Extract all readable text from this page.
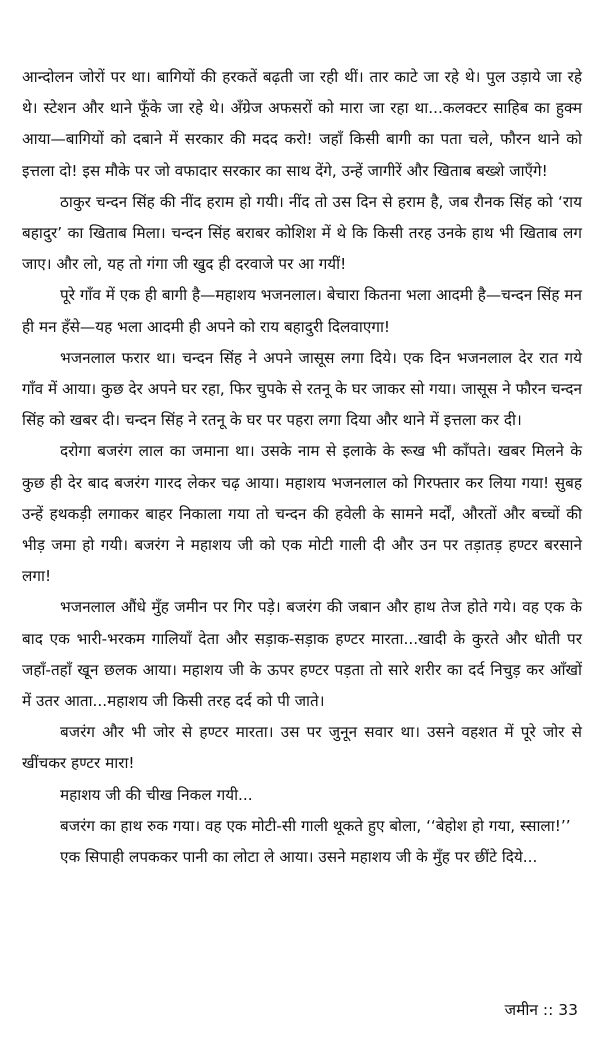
आन्दोलन जोरों पर था। बागियों की हरकतें बढ़ती जा रही थीं। तार काटे जा रहे थे। पुल उड़ाये जा रहे थे। स्टेशन और थाने फूँके जा रहे थे। अँग्रेज अफसरों को मारा जा रहा था...कलक्टर साहिब का हुक्म आया—बागियों को दबाने में सरकार की मदद करो! जहाँ किसी बागी का पता चले, फौरन थाने को इत्तला दो! इस मौके पर जो वफादार सरकार का साथ देंगे, उन्हें जागीरें और खिताब बख्शे जाएँगे!

ठाकुर चन्दन सिंह की नींद हराम हो गयी। नींद तो उस दिन से हराम है, जब रौनक सिंह को ‘राय बहादुर’ का खिताब मिला। चन्दन सिंह बराबर कोशिश में थे कि किसी तरह उनके हाथ भी खिताब लग जाए। और लो, यह तो गंगा जी खुद ही दरवाजे पर आ गयीं!

पूरे गाँव में एक ही बागी है—महाशय भजनलाल। बेचारा कितना भला आदमी है—चन्दन सिंह मन ही मन हँसे—यह भला आदमी ही अपने को राय बहादुरी दिलवाएगा!

भजनलाल फरार था। चन्दन सिंह ने अपने जासूस लगा दिये। एक दिन भजनलाल देर रात गये गाँव में आया। कुछ देर अपने घर रहा, फिर चुपके से रतनू के घर जाकर सो गया। जासूस ने फौरन चन्दन सिंह को खबर दी। चन्दन सिंह ने रतनू के घर पर पहरा लगा दिया और थाने में इत्तला कर दी।

दरोगा बजरंग लाल का जमाना था। उसके नाम से इलाके के रूख भी काँपते। खबर मिलने के कुछ ही देर बाद बजरंग गारद लेकर चढ़ आया। महाशय भजनलाल को गिरफ्तार कर लिया गया! सुबह उन्हें हथकड़ी लगाकर बाहर निकाला गया तो चन्दन की हवेली के सामने मर्दों, औरतों और बच्चों की भीड़ जमा हो गयी। बजरंग ने महाशय जी को एक मोटी गाली दी और उन पर तड़ातड़ हण्टर बरसाने लगा!

भजनलाल औंधे मुँह जमीन पर गिर पड़े। बजरंग की जबान और हाथ तेज होते गये। वह एक के बाद एक भारी-भरकम गालियाँ देता और सड़ाक-सड़ाक हण्टर मारता...खादी के कुरते और धोती पर जहाँ-तहाँ खून छलक आया। महाशय जी के ऊपर हण्टर पड़ता तो सारे शरीर का दर्द निचुड़ कर आँखों में उतर आता...महाशय जी किसी तरह दर्द को पी जाते।

बजरंग और भी जोर से हण्टर मारता। उस पर जुनून सवार था। उसने वहशत में पूरे जोर से खींचकर हण्टर मारा!

महाशय जी की चीख निकल गयी...

बजरंग का हाथ रुक गया। वह एक मोटी-सी गाली थूकते हुए बोला, ‘‘बेहोश हो गया, स्साला!’’

एक सिपाही लपककर पानी का लोटा ले आया। उसने महाशय जी के मुँह पर छींटे दिये...

जमीन :: 33
